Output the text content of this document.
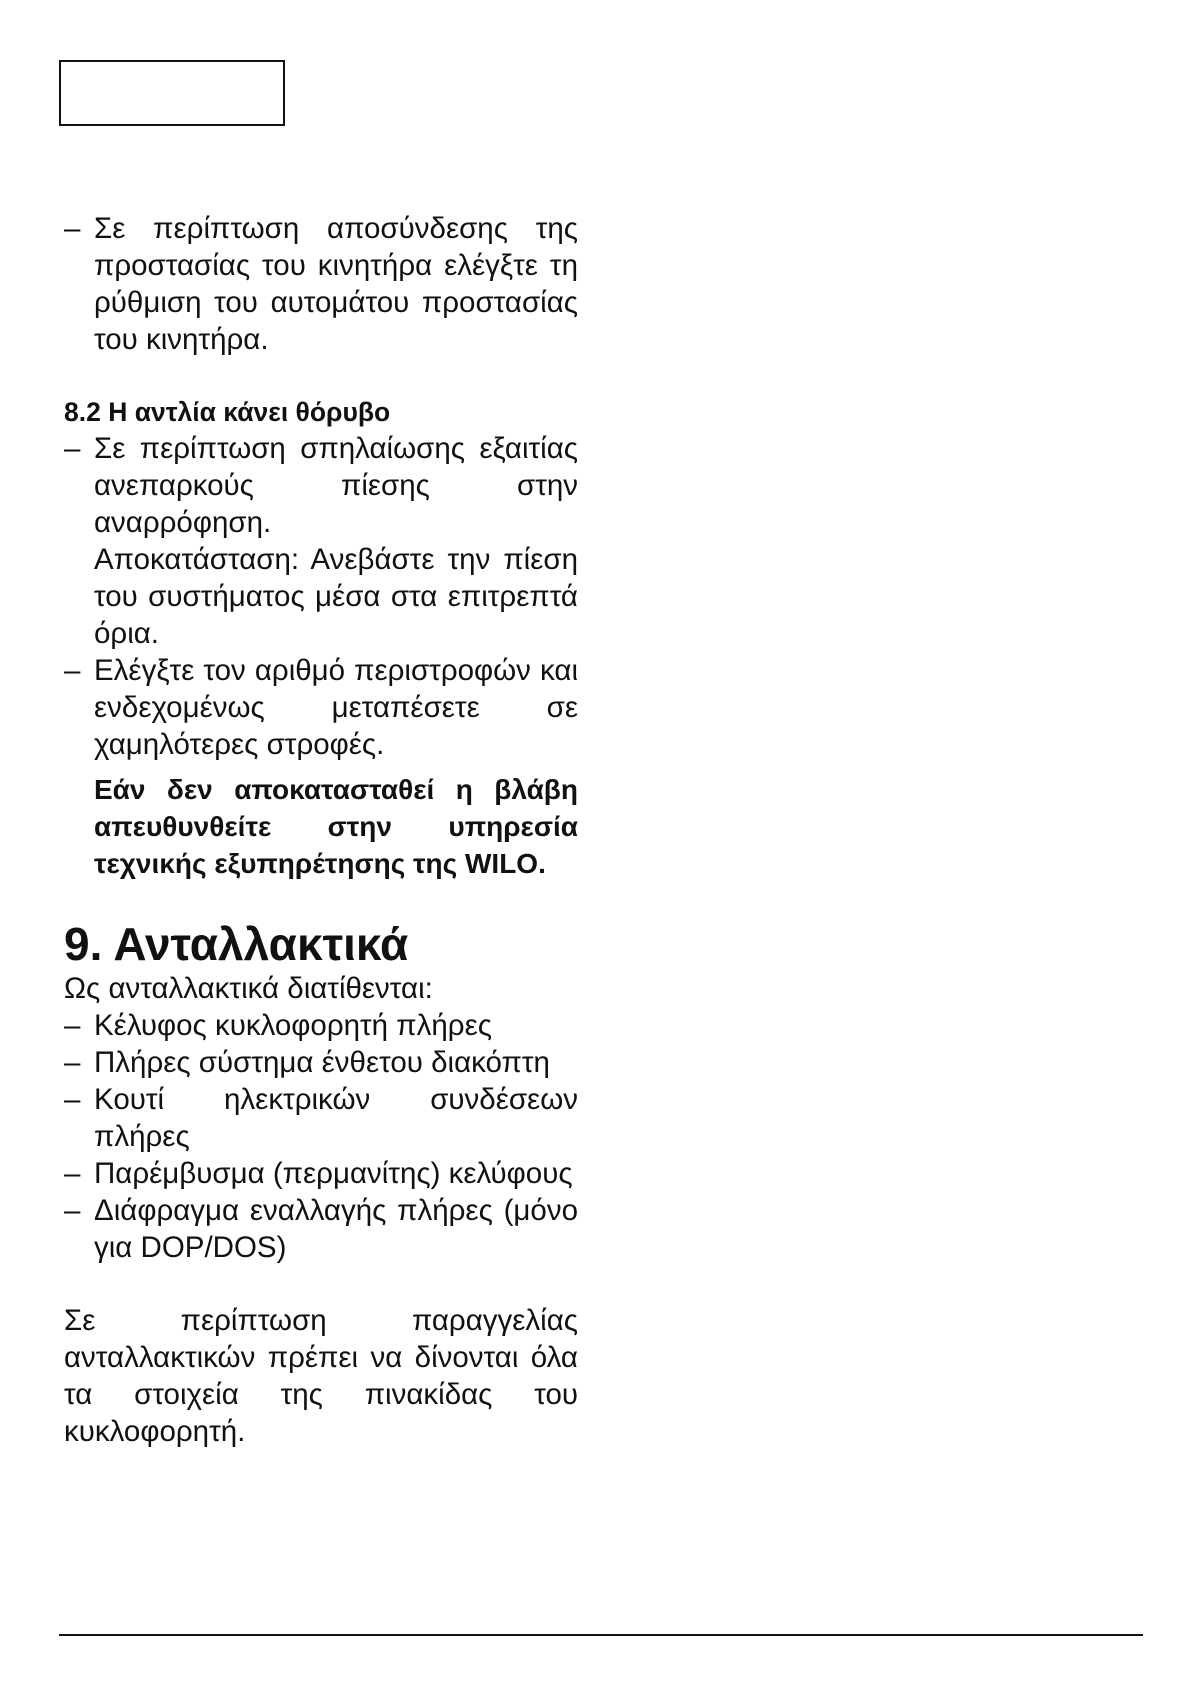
– Σε περίπτωση αποσύνδεσης της προστασίας του κινητήρα ελέγξτε τη ρύθμιση του αυτομάτου προστασίας του κινητήρα.

8.2 Η αντλία κάνει θόρυβο

– Σε περίπτωση σπηλαίωσης εξαιτίας ανεπαρκούς πίεσης στην αναρρόφηση.

Αποκατάσταση: Ανεβάστε την πίεση του συστήματος μέσα στα επιτρεπτά όρια.

– Ελέγξτε τον αριθμό περιστροφών και ενδεχομένως μεταπέσετε σε χαμηλότερες στροφές.

Εάν δεν αποκατασταθεί η βλάβη απευθυνθείτε στην υπηρεσία τεχνικής εξυπηρέτησης της WILO.

9. Ανταλλακτικά

Ως ανταλλακτικά διατίθενται:

– Κέλυφος κυκλοφορητή πλήρες

– Πλήρες σύστημα ένθετου διακόπτη

– Κουτί ηλεκτρικών συνδέσεων πλήρες

– Παρέμβυσμα (περμανίτης) κελύφους

– Διάφραγμα εναλλαγής πλήρες (μόνο για DOP/DOS)

Σε περίπτωση παραγγελίας ανταλλακτικών πρέπει να δίνονται όλα τα στοιχεία της πινακίδας του κυκλοφορητή.
